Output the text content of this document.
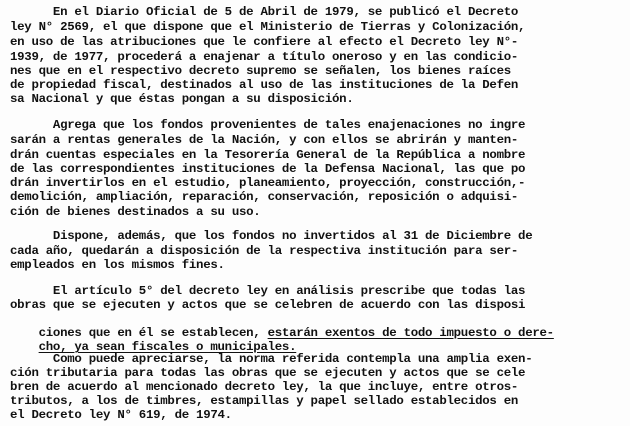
En el Diario Oficial de 5 de Abril de 1979, se publicó el Decreto
ley N° 2569, el que dispone que el Ministerio de Tierras y Colonización,
en uso de las atribuciones que le confiere al efecto el Decreto ley N°-
1939, de 1977, procederá a enajenar a título oneroso y en las condicio-
nes que en el respectivo decreto supremo se señalen, los bienes raíces
de propiedad fiscal, destinados al uso de las instituciones de la Defen
sa Nacional y que éstas pongan a su disposición.
Agrega que los fondos provenientes de tales enajenaciones no ingre
sarán a rentas generales de la Nación, y con ellos se abrirán y manten-
drán cuentas especiales en la Tesorería General de la República a nombre
de las correspondientes instituciones de la Defensa Nacional, las que po
drán invertirlos en el estudio, planeamiento, proyección, construcción,-
demolición, ampliación, reparación, conservación, reposición o adquisi-
ción de bienes destinados a su uso.
Dispone, además, que los fondos no invertidos al 31 de Diciembre de
cada año, quedarán a disposición de la respectiva institución para ser-
empleados en los mismos fines.
El artículo 5° del decreto ley en análisis prescribe que todas las
obras que se ejecuten y actos que se celebren de acuerdo con las disposi

ciones que en él se establecen, estarán exentos de todo impuesto o dere-

cho, ya sean fiscales o municipales.

Como puede apreciarse, la norma referida contempla una amplia exen-
ción tributaria para todas las obras que se ejecuten y actos que se cele
bren de acuerdo al mencionado decreto ley, la que incluye, entre otros-
tributos, a los de timbres, estampillas y papel sellado establecidos en
el Decreto ley N° 619, de 1974.
